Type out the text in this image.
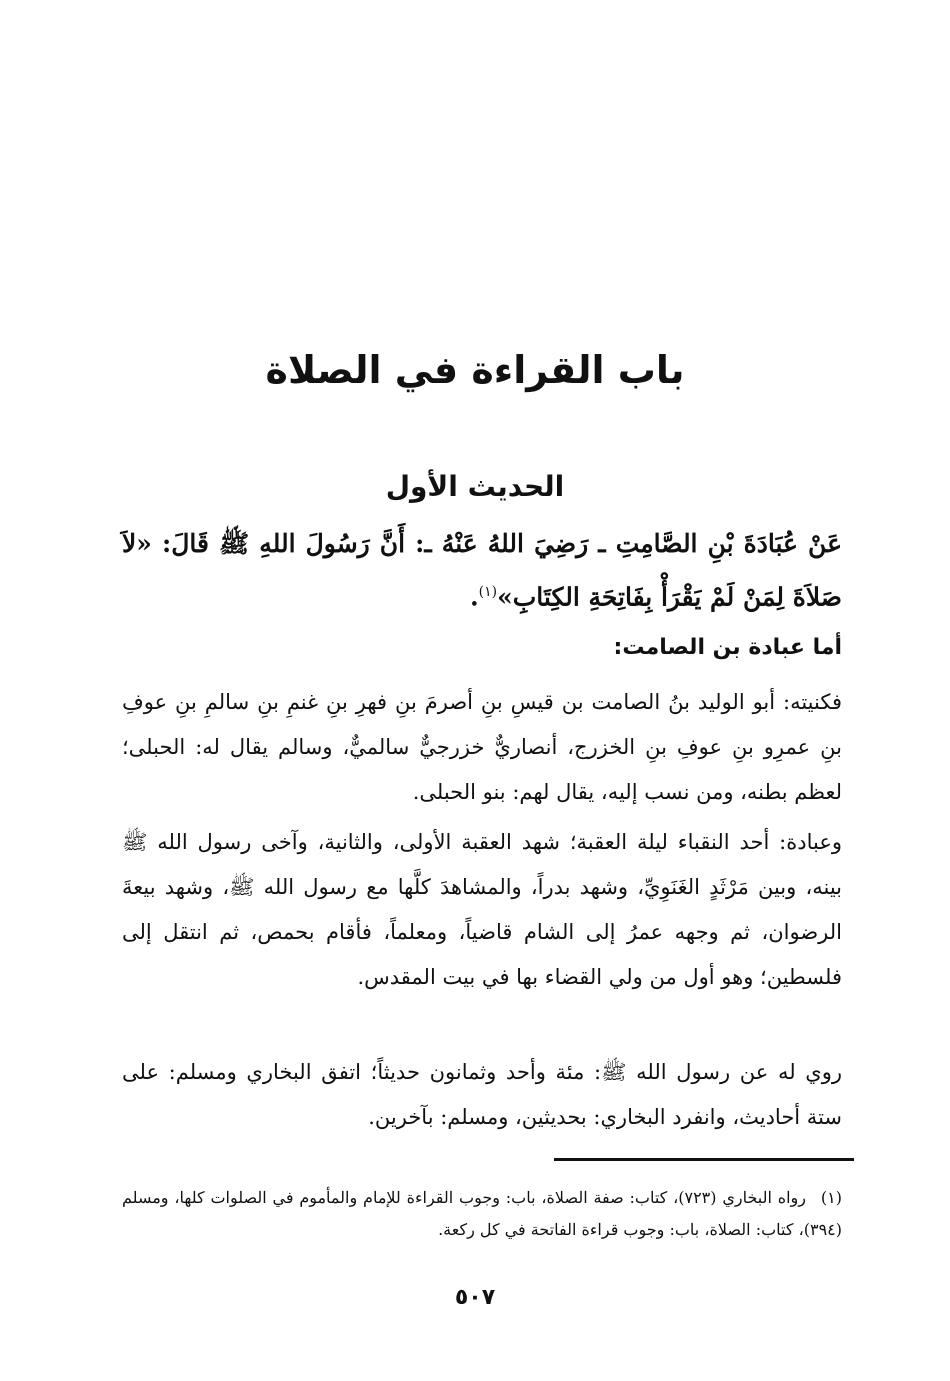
باب القراءة في الصلاة
الحديث الأول
عَنْ عُبَادَةَ بْنِ الصَّامِتِ ـ رَضِيَ اللهُ عَنْهُ ـ: أَنَّ رَسُولَ اللهِ ﷺ قَالَ: «لاَ صَلاَةَ لِمَنْ لَمْ يَقْرَأْ بِفَاتِحَةِ الكِتَابِ»$^{(١)}$.
أما عبادة بن الصامت:
فكنيته: أبو الوليد بنُ الصامت بن قيسِ بنِ أصرمَ بنِ فهرِ بنِ غنمِ بنِ سالمِ بنِ عوفِ بنِ عمرِو بنِ عوفِ بنِ الخزرج، أنصاريٌّ خزرجيٌّ سالميٌّ، وسالم يقال له: الحبلى؛ لعظم بطنه، ومن نسب إليه، يقال لهم: بنو الحبلى.
وعبادة: أحد النقباء ليلة العقبة؛ شهد العقبة الأولى، والثانية، وآخى رسول الله ﷺ بينه، وبين مَرْثَدٍ الغَنَوِيِّ، وشهد بدراً، والمشاهدَ كلَّها مع رسول الله ﷺ، وشهد بيعةَ الرضوان، ثم وجهه عمرُ إلى الشام قاضياً، ومعلماً، فأقام بحمص، ثم انتقل إلى فلسطين؛ وهو أول من ولي القضاء بها في بيت المقدس.
روي له عن رسول الله ﷺ: مئة وأحد وثمانون حديثاً؛ اتفق البخاري ومسلم: على ستة أحاديث، وانفرد البخاري: بحديثين، ومسلم: بآخرين.
(١)رواه البخاري (٧٢٣)، كتاب: صفة الصلاة، باب: وجوب القراءة للإمام والمأموم في الصلوات كلها، ومسلم (٣٩٤)، كتاب: الصلاة، باب: وجوب قراءة الفاتحة في كل ركعة.
٥٠٧
